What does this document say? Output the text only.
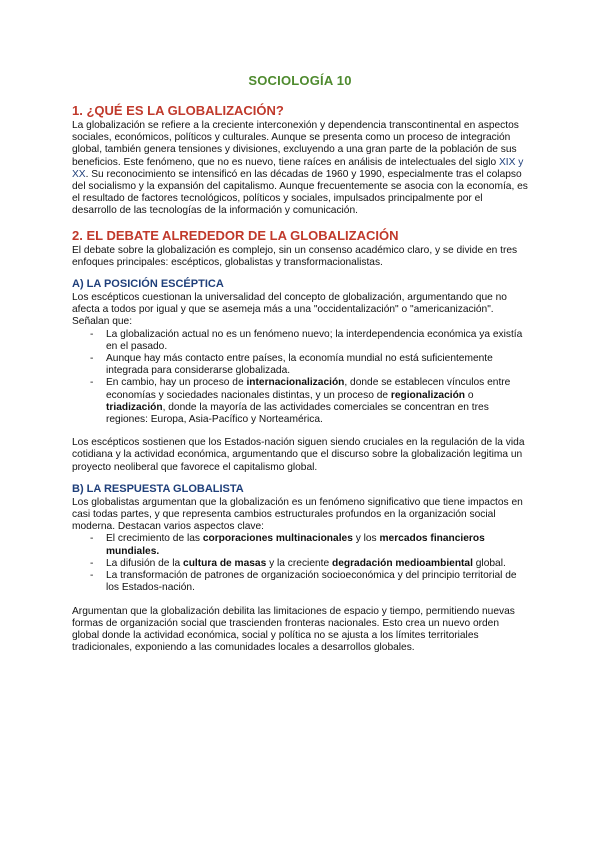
SOCIOLOGÍA 10
1. ¿QUÉ ES LA GLOBALIZACIÓN?

La globalización se refiere a la creciente interconexión y dependencia transcontinental en aspectos sociales, económicos, políticos y culturales. Aunque se presenta como un proceso de integración global, también genera tensiones y divisiones, excluyendo a una gran parte de la población de sus beneficios. Este fenómeno, que no es nuevo, tiene raíces en análisis de intelectuales del siglo XIX y XX. Su reconocimiento se intensificó en las décadas de 1960 y 1990, especialmente tras el colapso del socialismo y la expansión del capitalismo. Aunque frecuentemente se asocia con la economía, es el resultado de factores tecnológicos, políticos y sociales, impulsados principalmente por el desarrollo de las tecnologías de la información y comunicación.

2. EL DEBATE ALREDEDOR DE LA GLOBALIZACIÓN

El debate sobre la globalización es complejo, sin un consenso académico claro, y se divide en tres enfoques principales: escépticos, globalistas y transformacionalistas.

A) LA POSICIÓN ESCÉPTICA

Los escépticos cuestionan la universalidad del concepto de globalización, argumentando que no afecta a todos por igual y que se asemeja más a una "occidentalización" o "americanización". Señalan que:

- La globalización actual no es un fenómeno nuevo; la interdependencia económica ya existía en el pasado.
- Aunque hay más contacto entre países, la economía mundial no está suficientemente integrada para considerarse globalizada.
- En cambio, hay un proceso de internacionalización, donde se establecen vínculos entre economías y sociedades nacionales distintas, y un proceso de regionalización o triadización, donde la mayoría de las actividades comerciales se concentran en tres regiones: Europa, Asia-Pacífico y Norteamérica.

Los escépticos sostienen que los Estados-nación siguen siendo cruciales en la regulación de la vida cotidiana y la actividad económica, argumentando que el discurso sobre la globalización legitima un proyecto neoliberal que favorece el capitalismo global.

B) LA RESPUESTA GLOBALISTA

Los globalistas argumentan que la globalización es un fenómeno significativo que tiene impactos en casi todas partes, y que representa cambios estructurales profundos en la organización social moderna. Destacan varios aspectos clave:

- El crecimiento de las corporaciones multinacionales y los mercados financieros mundiales.
- La difusión de la cultura de masas y la creciente degradación medioambiental global.
- La transformación de patrones de organización socioeconómica y del principio territorial de los Estados-nación.

Argumentan que la globalización debilita las limitaciones de espacio y tiempo, permitiendo nuevas formas de organización social que trascienden fronteras nacionales. Esto crea un nuevo orden global donde la actividad económica, social y política no se ajusta a los límites territoriales tradicionales, exponiendo a las comunidades locales a desarrollos globales.
